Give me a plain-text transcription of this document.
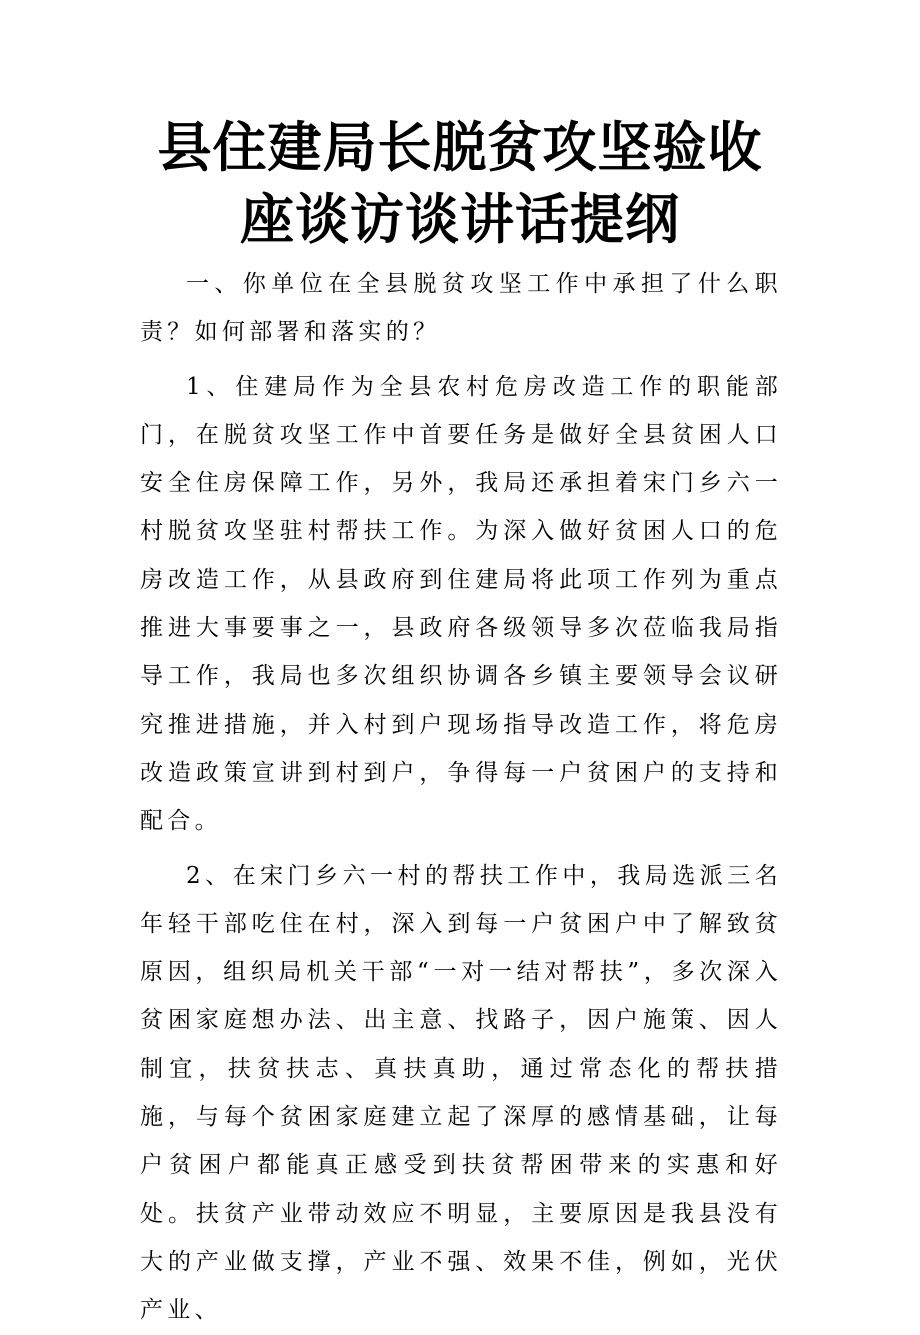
县住建局长脱贫攻坚验收
座谈访谈讲话提纲

一、你单位在全县脱贫攻坚工作中承担了什么职责？如何部署和落实的？

1、住建局作为全县农村危房改造工作的职能部门，在脱贫攻坚工作中首要任务是做好全县贫困人口安全住房保障工作，另外，我局还承担着宋门乡六一村脱贫攻坚驻村帮扶工作。为深入做好贫困人口的危房改造工作，从县政府到住建局将此项工作列为重点推进大事要事之一，县政府各级领导多次莅临我局指导工作，我局也多次组织协调各乡镇主要领导会议研究推进措施，并入村到户现场指导改造工作，将危房改造政策宣讲到村到户，争得每一户贫困户的支持和配合。

2、在宋门乡六一村的帮扶工作中，我局选派三名年轻干部吃住在村，深入到每一户贫困户中了解致贫原因，组织局机关干部“一对一结对帮扶”，多次深入贫困家庭想办法、出主意、找路子，因户施策、因人制宜，扶贫扶志、真扶真助，通过常态化的帮扶措施，与每个贫困家庭建立起了深厚的感情基础，让每户贫困户都能真正感受到扶贫帮困带来的实惠和好处。扶贫产业带动效应不明显，主要原因是我县没有大的产业做支撑，产业不强、效果不佳，例如，光伏产业、
